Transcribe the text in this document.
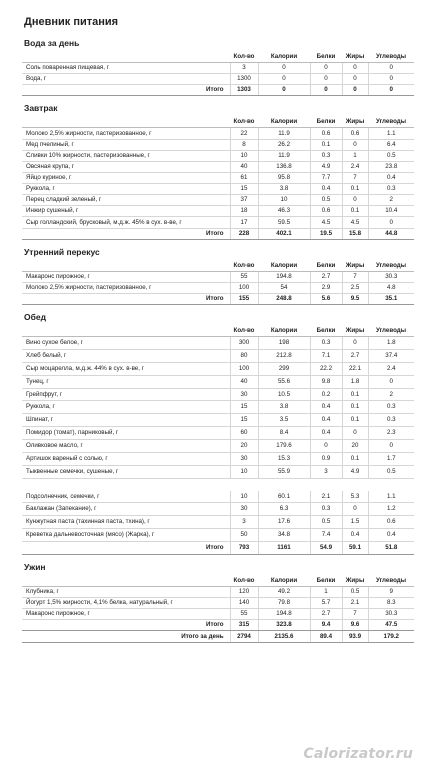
Дневник питания
Вода за день
	Кол-во	Калории	Белки	Жиры	Углеводы
Соль поваренная пищевая, г	3	0	0	0	0
Вода, г	1300	0	0	0	0
Итого	1303	0	0	0	0
Завтрак
	Кол-во	Калории	Белки	Жиры	Углеводы
Молоко 2,5% жирности, пастеризованное, г	22	11.9	0.6	0.6	1.1
Мед пчелиный, г	8	26.2	0.1	0	6.4
Сливки 10% жирности, пастеризованные, г	10	11.9	0.3	1	0.5
Овсяная крупа, г	40	136.8	4.9	2.4	23.8
Яйцо куриное, г	61	95.8	7.7	7	0.4
Руккола, г	15	3.8	0.4	0.1	0.3
Перец сладкий зеленый, г	37	10	0.5	0	2
Инжир сушеный, г	18	46.3	0.6	0.1	10.4
Сыр голландский, брусковый, м.д.ж. 45% в сух. в-ве, г	17	59.5	4.5	4.5	0
Итого	228	402.1	19.5	15.8	44.8
Утренний перекус
	Кол-во	Калории	Белки	Жиры	Углеводы
Макаронс пирожное, г	55	194.8	2.7	7	30.3
Молоко 2,5% жирности, пастеризованное, г	100	54	2.9	2.5	4.8
Итого	155	248.8	5.6	9.5	35.1
Обед
	Кол-во	Калории	Белки	Жиры	Углеводы
Вино сухое белое, г	300	198	0.3	0	1.8
Хлеб белый, г	80	212.8	7.1	2.7	37.4
Сыр моцарелла, м.д.ж. 44% в сух. в-ве, г	100	299	22.2	22.1	2.4
Тунец, г	40	55.6	9.8	1.8	0
Грейпфрут, г	30	10.5	0.2	0.1	2
Руккола, г	15	3.8	0.4	0.1	0.3
Шпинат, г	15	3.5	0.4	0.1	0.3
Помидор (томат), парниковый, г	60	8.4	0.4	0	2.3
Оливковое масло, г	20	179.6	0	20	0
Артишок вареный с солью, г	30	15.3	0.9	0.1	1.7
Тыквенные семечки, сушеные, г	10	55.9	3	4.9	0.5

Подсолнечник, семечки, г	10	60.1	2.1	5.3	1.1
Баклажан (Запекание), г	30	6.3	0.3	0	1.2
Кунжутная паста (тахинная паста, тхина), г	3	17.6	0.5	1.5	0.6
Креветка дальневосточная (мясо) (Жарка), г	50	34.8	7.4	0.4	0.4
Итого	793	1161	54.9	59.1	51.8
Ужин
	Кол-во	Калории	Белки	Жиры	Углеводы
Клубника, г	120	49.2	1	0.5	9
Йогурт 1,5% жирности, 4,1% белка, натуральный, г	140	79.8	5.7	2.1	8.3
Макаронс пирожное, г	55	194.8	2.7	7	30.3
Итого	315	323.8	9.4	9.6	47.5
Итого за день	2794	2135.6	89.4	93.9	179.2
Calorizator.ru
